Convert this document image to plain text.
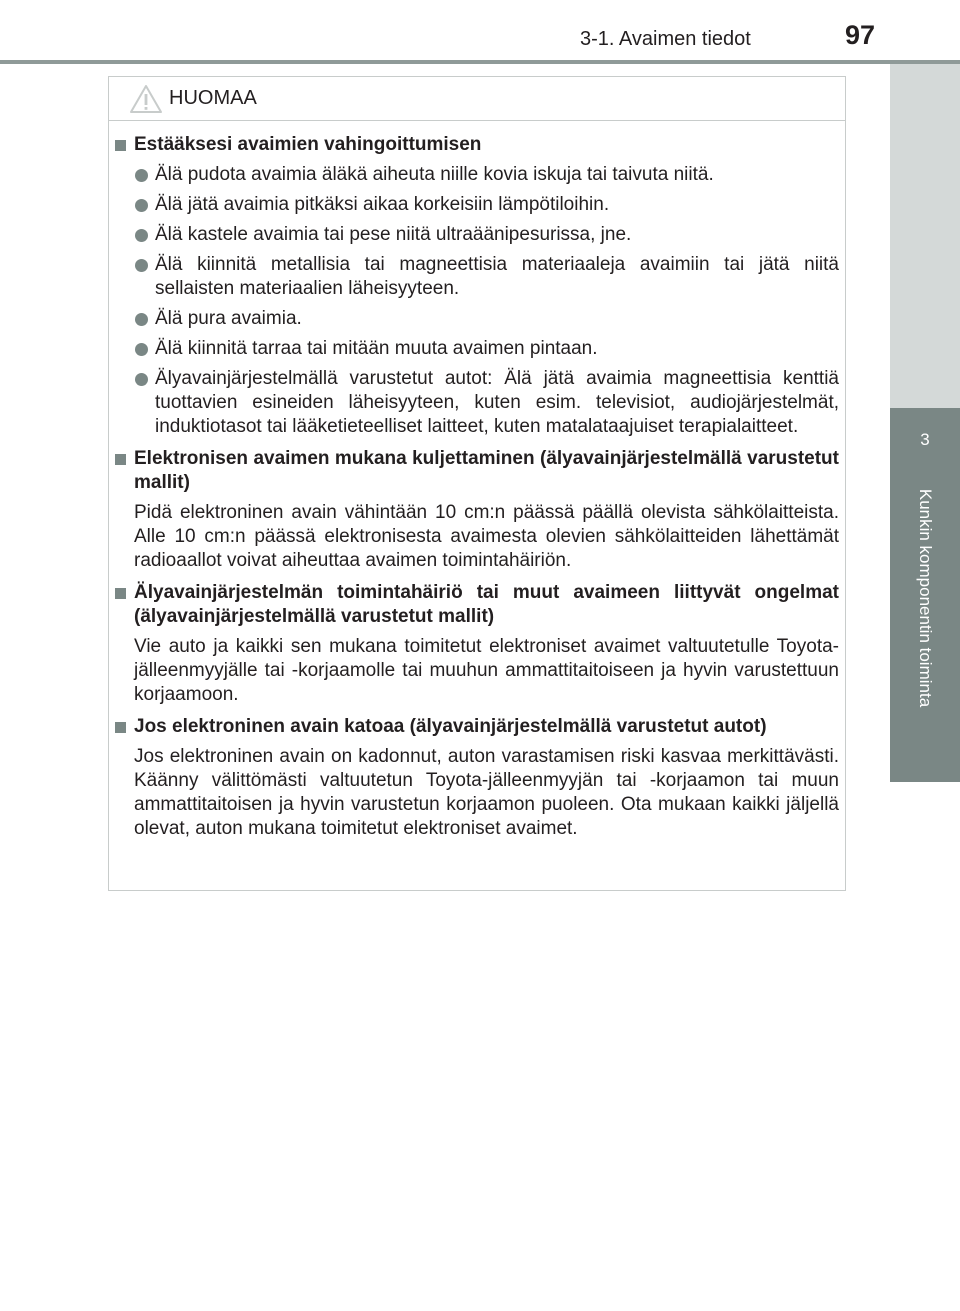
3-1. Avaimen tiedot	97
3
Kunkin komponentin toiminta
HUOMAA
Estääksesi avaimien vahingoittumisen
Älä pudota avaimia äläkä aiheuta niille kovia iskuja tai taivuta niitä.
Älä jätä avaimia pitkäksi aikaa korkeisiin lämpötiloihin.
Älä kastele avaimia tai pese niitä ultraäänipesurissa, jne.
Älä kiinnitä metallisia tai magneettisia materiaaleja avaimiin tai jätä niitä sellaisten materiaalien läheisyyteen.
Älä pura avaimia.
Älä kiinnitä tarraa tai mitään muuta avaimen pintaan.
Älyavainjärjestelmällä varustetut autot: Älä jätä avaimia magneettisia kenttiä tuottavien esineiden läheisyyteen, kuten esim. televisiot, audiojärjestelmät, induktiotasot tai lääketieteelliset laitteet, kuten matalataajuiset terapialaitteet.
Elektronisen avaimen mukana kuljettaminen (älyavainjärjestelmällä varustetut mallit)
Pidä elektroninen avain vähintään 10 cm:n päässä päällä olevista sähkölaitteista. Alle 10 cm:n päässä elektronisesta avaimesta olevien sähkölaitteiden lähettämät radioaallot voivat aiheuttaa avaimen toimintahäiriön.
Älyavainjärjestelmän toimintahäiriö tai muut avaimeen liittyvät ongelmat (älyavainjärjestelmällä varustetut mallit)
Vie auto ja kaikki sen mukana toimitetut elektroniset avaimet valtuutetulle Toyota-jälleenmyyjälle tai -korjaamolle tai muuhun ammattitaitoiseen ja hyvin varustettuun korjaamoon.
Jos elektroninen avain katoaa (älyavainjärjestelmällä varustetut autot)
Jos elektroninen avain on kadonnut, auton varastamisen riski kasvaa merkittävästi. Käänny välittömästi valtuutetun Toyota-jälleenmyyjän tai -korjaamon tai muun ammattitaitoisen ja hyvin varustetun korjaamon puoleen. Ota mukaan kaikki jäljellä olevat, auton mukana toimitetut elektroniset avaimet.
